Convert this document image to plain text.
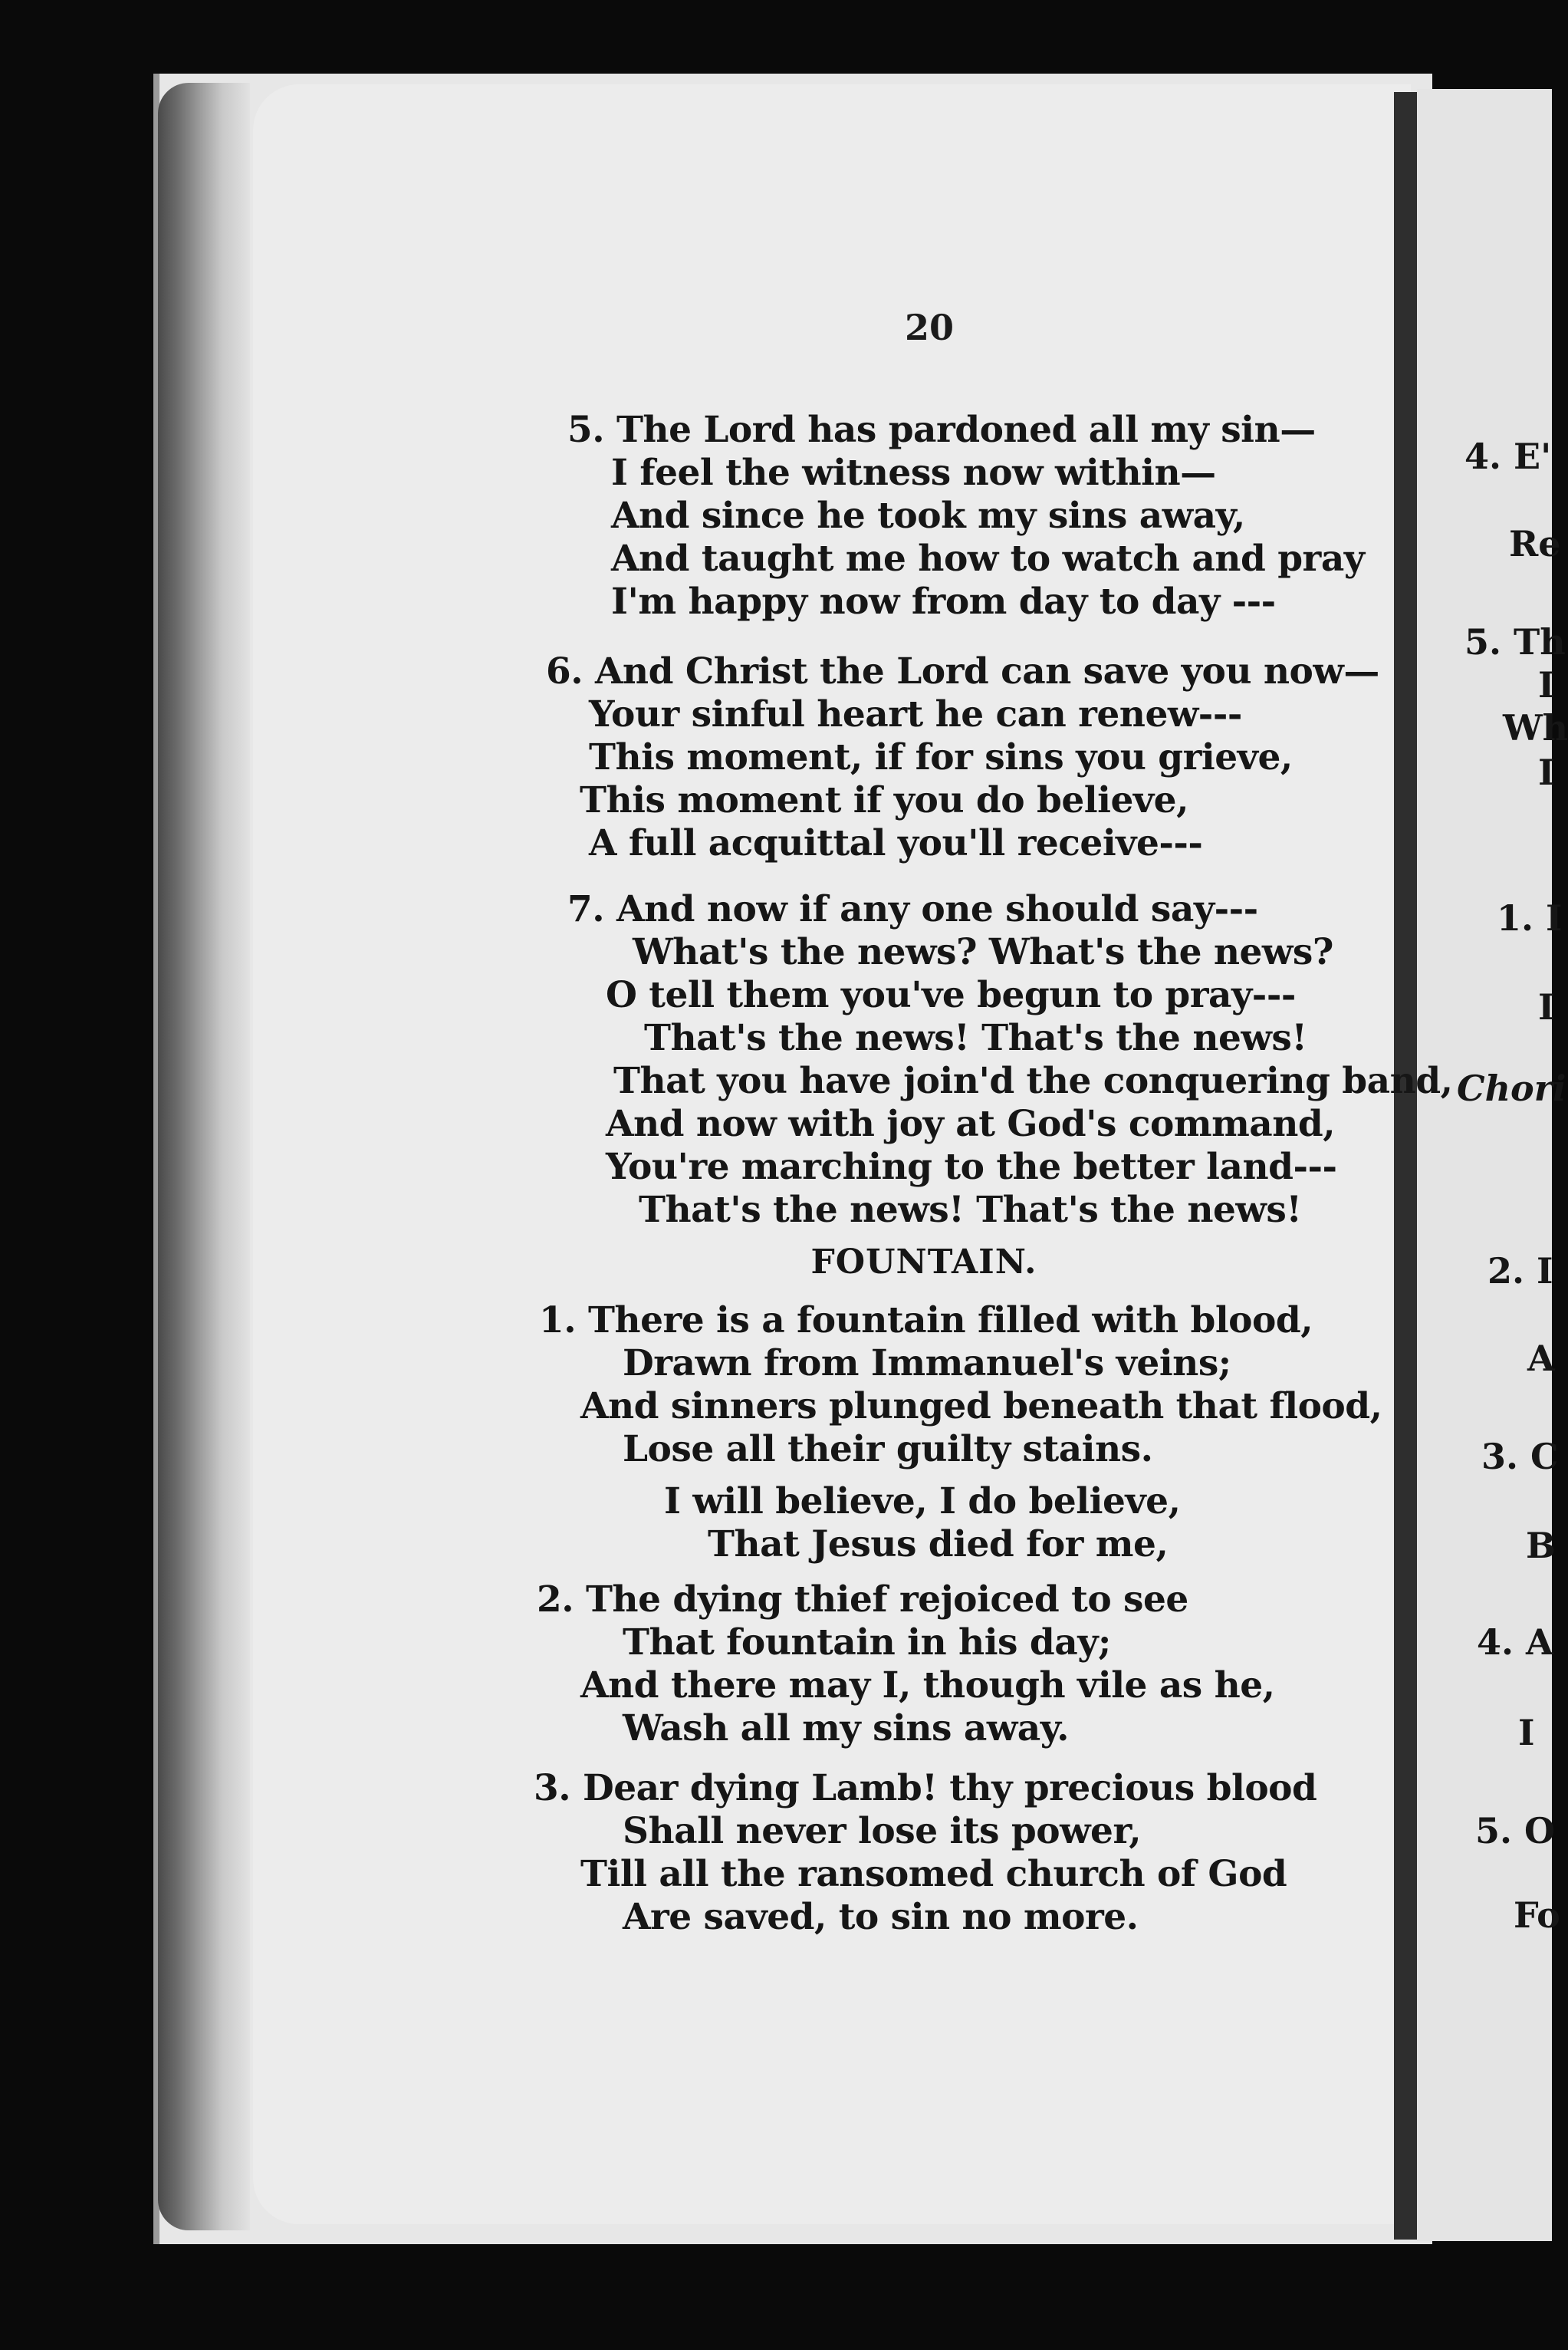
20
5. The Lord has pardoned all my sin—
I feel the witness now within—
And since he took my sins away,
And taught me how to watch and pray
I'm happy now from day to day ---
6. And Christ the Lord can save you now—
Your sinful heart he can renew---
This moment, if for sins you grieve,
This moment if you do believe,
A full acquittal you'll receive---
7. And now if any one should say---
What's the news? What's the news?
O tell them you've begun to pray---
That's the news! That's the news!
That you have join'd the conquering band,
And now with joy at God's command,
You're marching to the better land---
That's the news! That's the news!
FOUNTAIN.
1. There is a fountain filled with blood,
Drawn from Immanuel's veins;
And sinners plunged beneath that flood,
Lose all their guilty stains.
I will believe, I do believe,
That Jesus died for me,
2. The dying thief rejoiced to see
That fountain in his day;
And there may I, though vile as he,
Wash all my sins away.
3. Dear dying Lamb! thy precious blood
Shall never lose its power,
Till all the ransomed church of God
Are saved, to sin no more.
4. E'
Re
5. Th
I
Wh
I
1. I
I
Chori
2. I
A
3. C
B
4. A
I
5. O
Fo
